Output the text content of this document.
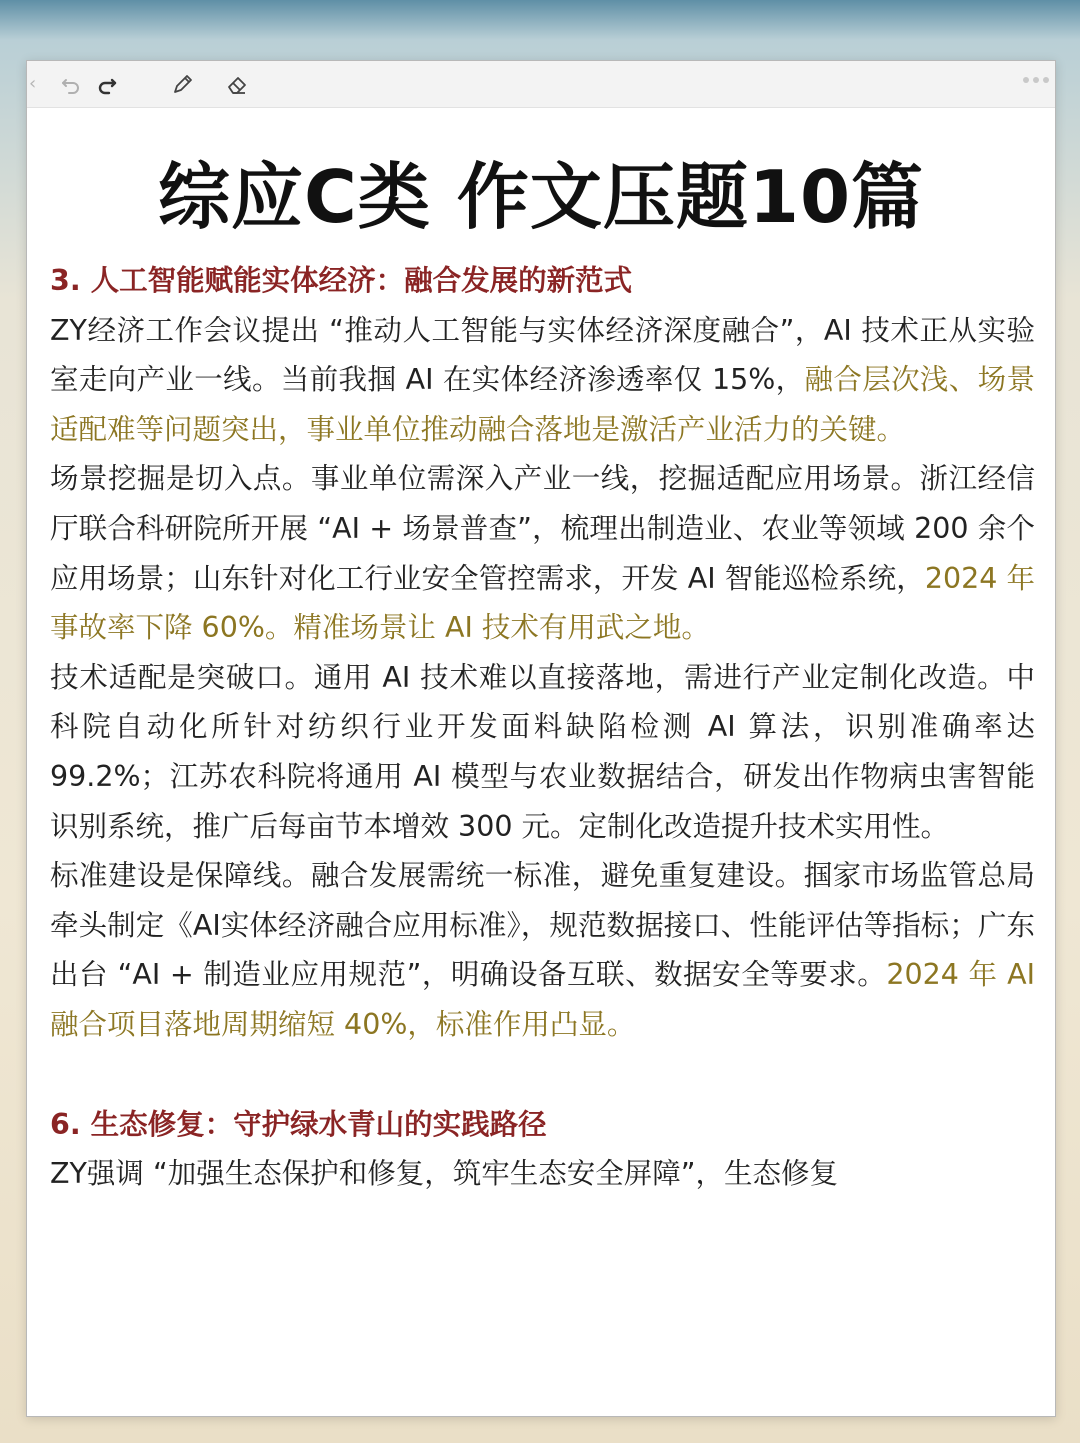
‹
综应C类 作文压题10篇

3. 人工智能赋能实体经济：融合发展的新范式

ZY经济工作会议提出 “推动人工智能与实体经济深度融合”，AI 技术正从实验室走向产业一线。当前我掴 AI 在实体经济渗透率仅 15%，融合层次浅、场景适配难等问题突出，事业单位推动融合落地是激活产业活力的关键。

场景挖掘是切入点。事业单位需深入产业一线，挖掘适配应用场景。浙江经信厅联合科研院所开展 “AI + 场景普查”，梳理出制造业、农业等领域 200 余个应用场景；山东针对化工行业安全管控需求，开发 AI 智能巡检系统，2024 年事故率下降 60%。精准场景让 AI 技术有用武之地。

技术适配是突破口。通用 AI 技术难以直接落地，需进行产业定制化改造。中科院自动化所针对纺织行业开发面料缺陷检测 AI 算法，识别准确率达 99.2%；江苏农科院将通用 AI 模型与农业数据结合，研发出作物病虫害智能识别系统，推广后每亩节本增效 300 元。定制化改造提升技术实用性。

标准建设是保障线。融合发展需统一标准，避免重复建设。掴家市场监管总局牵头制定《AI实体经济融合应用标准》，规范数据接口、性能评估等指标；广东出台 “AI + 制造业应用规范”，明确设备互联、数据安全等要求。2024 年 AI 融合项目落地周期缩短 40%，标准作用凸显。

6. 生态修复：守护绿水青山的实践路径

ZY强调 “加强生态保护和修复，筑牢生态安全屏障”，生态修复
